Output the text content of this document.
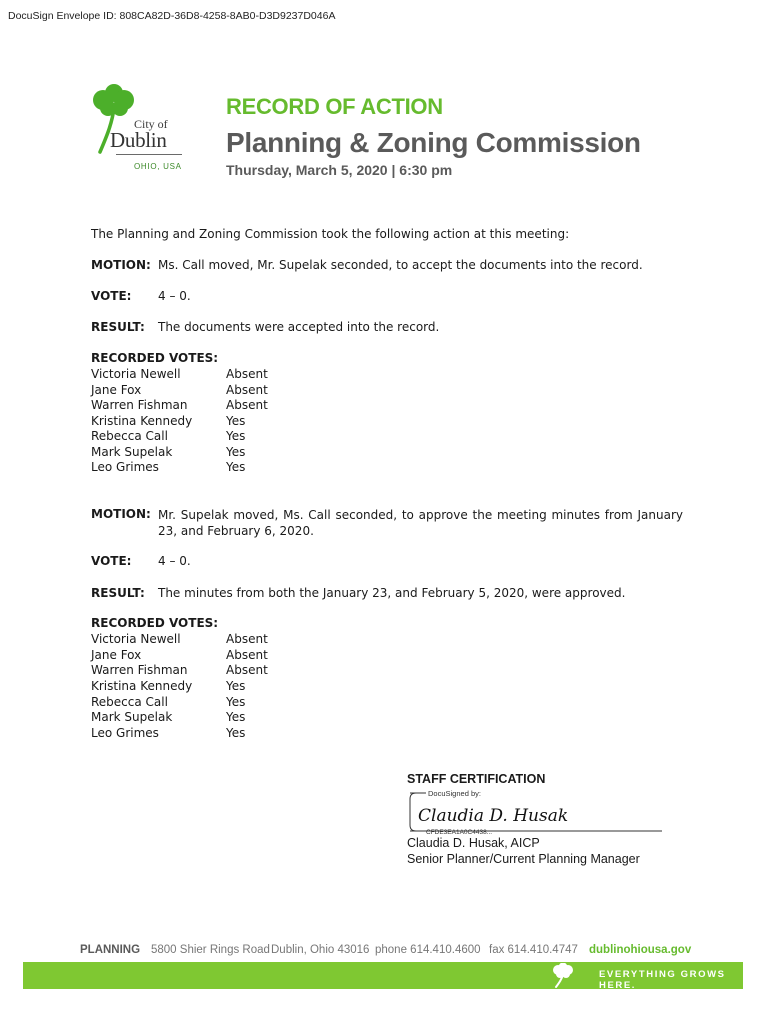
DocuSign Envelope ID: 808CA82D-36D8-4258-8AB0-D3D9237D046A
City of
Dublin
OHIO, USA
RECORD OF ACTION
Planning & Zoning Commission
Thursday, March 5, 2020 | 6:30 pm
The Planning and Zoning Commission took the following action at this meeting:
MOTION: Ms. Call moved, Mr. Supelak seconded, to accept the documents into the record.
VOTE: 4 – 0.
RESULT: The documents were accepted into the record.
RECORDED VOTES:
Victoria Newell	Absent
Jane Fox	Absent
Warren Fishman	Absent
Kristina Kennedy	Yes
Rebecca Call	Yes
Mark Supelak	Yes
Leo Grimes	Yes
MOTION: Mr. Supelak moved, Ms. Call seconded, to approve the meeting minutes from January 23, and February 6, 2020.
VOTE: 4 – 0.
RESULT: The minutes from both the January 23, and February 5, 2020, were approved.
RECORDED VOTES:
Victoria Newell	Absent
Jane Fox	Absent
Warren Fishman	Absent
Kristina Kennedy	Yes
Rebecca Call	Yes
Mark Supelak	Yes
Leo Grimes	Yes
STAFF CERTIFICATION
DocuSigned by:
Claudia D. Husak
CFDE3EA1A0C4438...
Claudia D. Husak, AICP
Senior Planner/Current Planning Manager
PLANNING 5800 Shier Rings Road Dublin, Ohio 43016 phone 614.410.4600 fax 614.410.4747 dublinohiousa.gov
EVERYTHING GROWS HERE.
